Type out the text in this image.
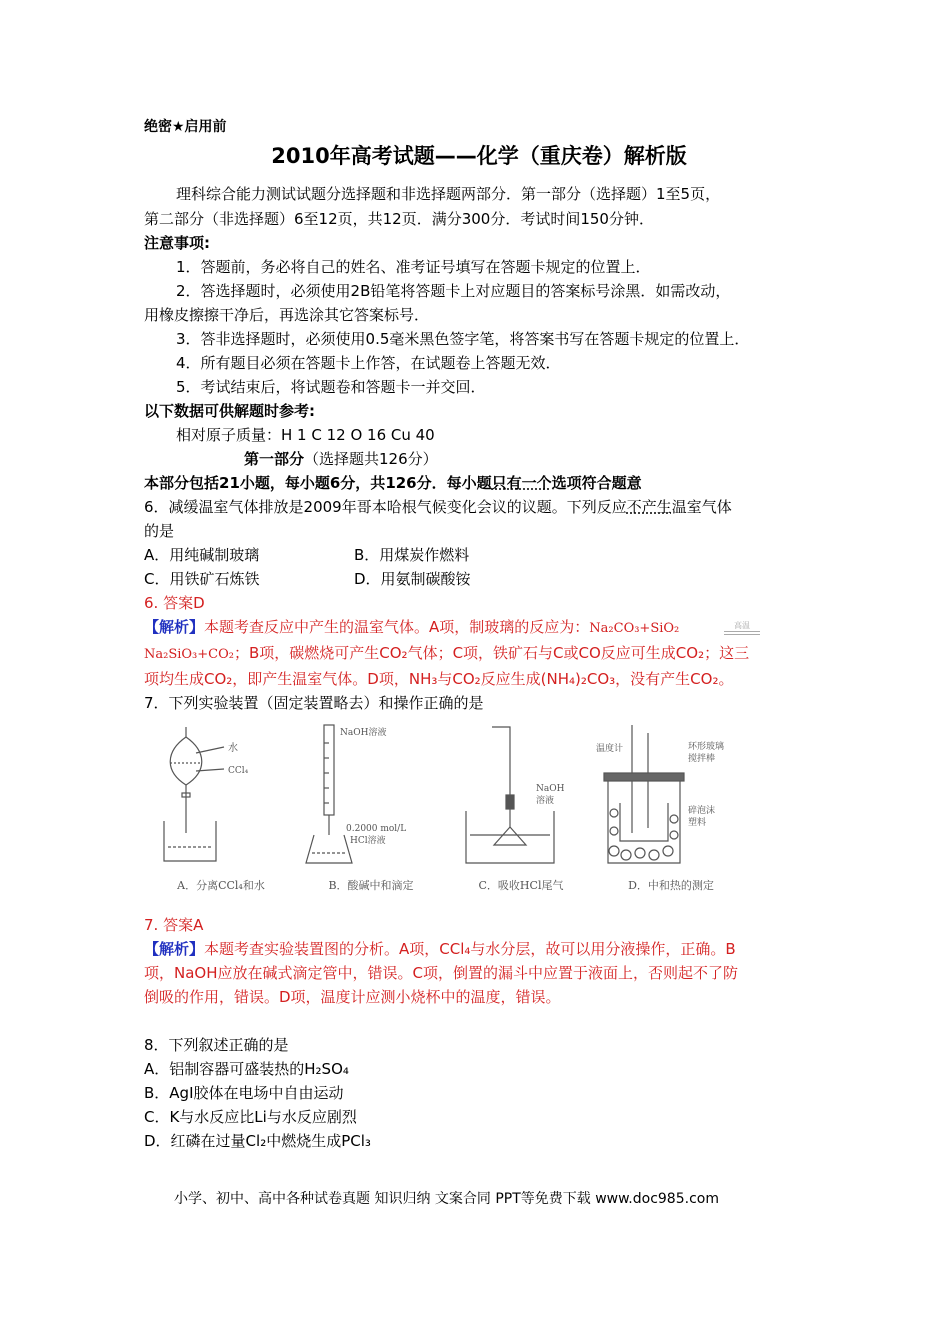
绝密★启用前
2010年高考试题——化学（重庆卷）解析版
理科综合能力测试试题分选择题和非选择题两部分．第一部分（选择题）1至5页，
第二部分（非选择题）6至12页，共12页．满分300分．考试时间150分钟．
注意事项:
1．答题前，务必将自己的姓名、准考证号填写在答题卡规定的位置上．
2．答选择题时，必须使用2B铅笔将答题卡上对应题目的答案标号涂黑．如需改动，
用橡皮擦擦干净后，再选涂其它答案标号．
3．答非选择题时，必须使用0.5毫米黑色签字笔，将答案书写在答题卡规定的位置上．
4．所有题目必须在答题卡上作答，在试题卷上答题无效．
5．考试结束后，将试题卷和答题卡一并交回．
以下数据可供解题时参考:
相对原子质量：H 1 C 12 O 16 Cu 40
第一部分（选择题共126分）
本部分包括21小题，每小题6分，共126分．每小题只有一个选项符合题意
6．减缓温室气体排放是2009年哥本哈根气候变化会议的议题。下列反应不产生温室气体
的是
A．用纯碱制玻璃	B．用煤炭作燃料
C．用铁矿石炼铁	D．用氨制碳酸铵
6. 答案D
【解析】本题考查反应中产生的温室气体。A项，制玻璃的反应为：Na₂CO₃+SiO₂	高温
Na₂SiO₃+CO₂；B项，碳燃烧可产生CO₂气体；C项，铁矿石与C或CO反应可生成CO₂；这三
项均生成CO₂，即产生温室气体。D项，NH₃与CO₂反应生成(NH₄)₂CO₃，没有产生CO₂。
7．下列实验装置（固定装置略去）和操作正确的是
水
CCl₄
A．分离CCl₄和水
NaOH溶液
0.2000 mol/L
HCl溶液
B．酸碱中和滴定
NaOH
溶液
C．吸收HCl尾气
温度计	环形玻璃
搅拌棒
碎泡沫
塑料
D．中和热的测定
7. 答案A
【解析】本题考查实验装置图的分析。A项，CCl₄与水分层，故可以用分液操作，正确。B
项，NaOH应放在碱式滴定管中，错误。C项，倒置的漏斗中应置于液面上，否则起不了防
倒吸的作用，错误。D项，温度计应测小烧杯中的温度，错误。
8．下列叙述正确的是
A．铝制容器可盛装热的H₂SO₄
B．AgI胶体在电场中自由运动
C．K与水反应比Li与水反应剧烈
D．红磷在过量Cl₂中燃烧生成PCl₃
小学、初中、高中各种试卷真题 知识归纳 文案合同 PPT等免费下载 www.doc985.com
